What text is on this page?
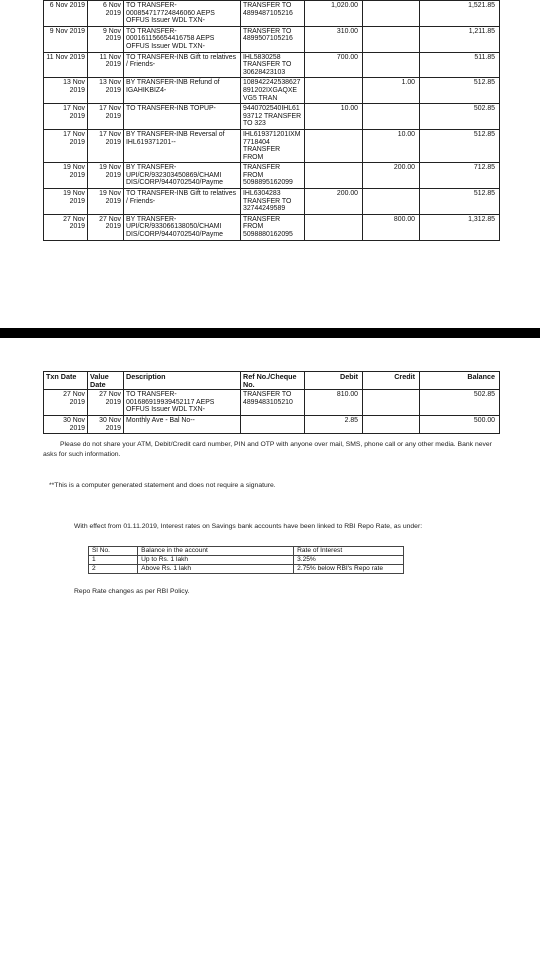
6 Nov 2019	6 Nov 2019	TO TRANSFER-000854717724846060 AEPS OFFUS Issuer WDL TXN-	TRANSFER TO 4899487105216	1,020.00		1,521.85
9 Nov 2019	9 Nov 2019	TO TRANSFER-000161156654416758 AEPS OFFUS Issuer WDL TXN-	TRANSFER TO 4899507105216	310.00		1,211.85
11 Nov 2019	11 Nov 2019	TO TRANSFER-INB Gift to relatives / Friends-	IHL5830258 TRANSFER TO 30628423103	700.00		511.85
13 Nov 2019	13 Nov 2019	BY TRANSFER-INB Refund of IGAHIKBIZ4-	108942242538627 891202IXGAQXE VG5 TRAN		1.00	512.85
17 Nov 2019	17 Nov 2019	TO TRANSFER-INB TOPUP-	9440702540IHL61 93712 TRANSFER TO 323	10.00		502.85
17 Nov 2019	17 Nov 2019	BY TRANSFER-INB Reversal of IHL619371201--	IHL619371201IXM 7718404 TRANSFER FROM		10.00	512.85
19 Nov 2019	19 Nov 2019	BY TRANSFER-UPI/CR/932303450869/CHAMI DIS/CORP/9440702540/Payme	TRANSFER FROM 5098895162099		200.00	712.85
19 Nov 2019	19 Nov 2019	TO TRANSFER-INB Gift to relatives / Friends-	IHL6304283 TRANSFER TO 32744249589	200.00		512.85
27 Nov 2019	27 Nov 2019	BY TRANSFER-UPI/CR/933066138050/CHAMI DIS/CORP/9440702540/Payme	TRANSFER FROM 5098880162095		800.00	1,312.85
Txn Date	Value Date	Description	Ref No./Cheque No.	Debit	Credit	Balance
27 Nov 2019	27 Nov 2019	TO TRANSFER-001686919939452117 AEPS OFFUS Issuer WDL TXN-	TRANSFER TO 4899483105210	810.00		502.85
30 Nov 2019	30 Nov 2019	Monthly Ave - Bal No--		2.85		500.00
Please do not share your ATM, Debit/Credit card number, PIN and OTP with anyone over mail, SMS, phone call or any other media. Bank never asks for such information.
**This is a computer generated statement and does not require a signature.
With effect from 01.11.2019, Interest rates on Savings bank accounts have been linked to RBI Repo Rate, as under:
Sl No.	Balance in the account	Rate of Interest
1	Up to Rs. 1 lakh	3.25%
2	Above Rs. 1 lakh	2.75% below RBI's Repo rate
Repo Rate changes as per RBI Policy.
